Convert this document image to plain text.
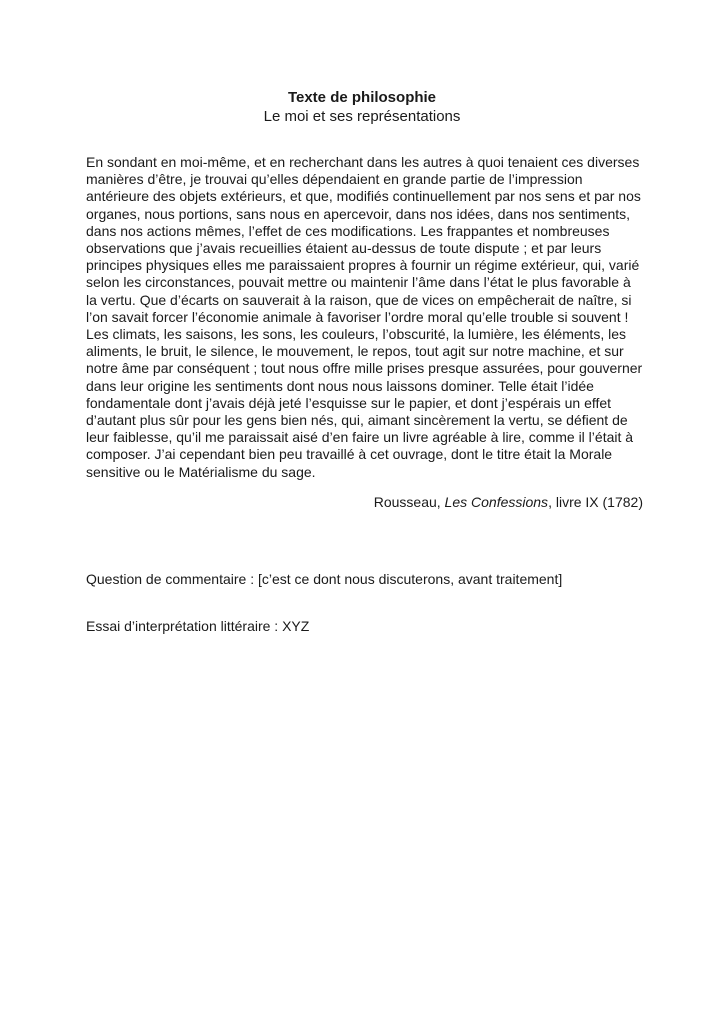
Texte de philosophie
Le moi et ses représentations
En sondant en moi-même, et en recherchant dans les autres à quoi tenaient ces diverses manières d’être, je trouvai qu’elles dépendaient en grande partie de l’impression antérieure des objets extérieurs, et que, modifiés continuellement par nos sens et par nos organes, nous portions, sans nous en apercevoir, dans nos idées, dans nos sentiments, dans nos actions mêmes, l’effet de ces modifications. Les frappantes et nombreuses observations que j’avais recueillies étaient au-dessus de toute dispute ; et par leurs principes physiques elles me paraissaient propres à fournir un régime extérieur, qui, varié selon les circonstances, pouvait mettre ou maintenir l’âme dans l’état le plus favorable à la vertu. Que d’écarts on sauverait à la raison, que de vices on empêcherait de naître, si l’on savait forcer l’économie animale à favoriser l’ordre moral qu’elle trouble si souvent ! Les climats, les saisons, les sons, les couleurs, l’obscurité, la lumière, les éléments, les aliments, le bruit, le silence, le mouvement, le repos, tout agit sur notre machine, et sur notre âme par conséquent ; tout nous offre mille prises presque assurées, pour gouverner dans leur origine les sentiments dont nous nous laissons dominer. Telle était l’idée fondamentale dont j’avais déjà jeté l’esquisse sur le papier, et dont j’espérais un effet d’autant plus sûr pour les gens bien nés, qui, aimant sincèrement la vertu, se défient de leur faiblesse, qu’il me paraissait aisé d’en faire un livre agréable à lire, comme il l’était à composer. J’ai cependant bien peu travaillé à cet ouvrage, dont le titre était la Morale sensitive ou le Matérialisme du sage.
Rousseau, Les Confessions, livre IX (1782)
Question de commentaire : [c’est ce dont nous discuterons, avant traitement]
Essai d’interprétation littéraire : XYZ
